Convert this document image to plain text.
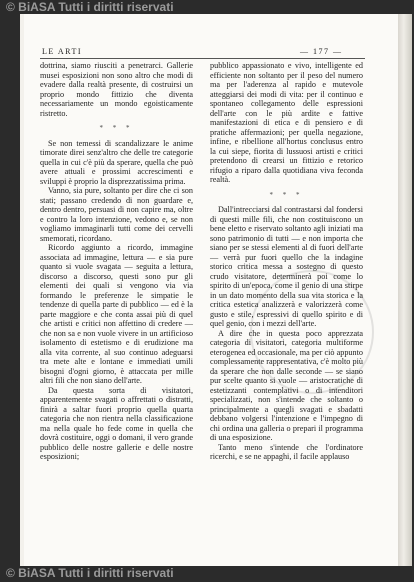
© BiASA Tutti i diritti riservati
LE ARTI	— 177 —

dottrina, siamo riusciti a penetrarci. Gallerie musei esposizioni non sono altro che modi di evadere dalla realtà presente, di costruirsi un proprio mondo fittizio che diventa necessariamente un mondo egoisticamente ristretto.

* * *

Se non temessi di scandalizzare le anime timorate direi senz'altro che delle tre categorie quella in cui c'è più da sperare, quella che può avere attuali e prossimi accrescimenti e sviluppi è proprio la disprezzatissima prima.

Vanno, sia pure, soltanto per dire che ci son stati; passano credendo di non guardare e, dentro dentro, persuasi di non capire ma, oltre e contro la loro intenzione, vedono e, se non vogliamo immaginarli tutti come dei cervelli smemorati, ricordano.

Ricordo aggiunto a ricordo, immagine associata ad immagine, lettura — e sia pure quanto si vuole svagata — seguita a lettura, discorso a discorso, questi sono pur gli elementi dei quali si vengono via via formando le preferenze le simpatie le tendenze di quella parte di pubblico — ed è la parte maggiore e che conta assai più di quel che artisti e critici non affettino di credere — che non sa e non vuole vivere in un artificioso isolamento di estetismo e di erudizione ma alla vita corrente, al suo continuo adeguarsi tra mete alte e lontane e immediati umili bisogni d'ogni giorno, è attaccata per mille altri fili che non siano dell'arte.

Da questa sorta di visitatori, apparentemente svagati o affrettati o distratti, finirà a saltar fuori proprio quella quarta categoria che non rientra nella classificazione ma nella quale ho fede come in quella che dovrà costituire, oggi o domani, il vero grande pubblico delle nostre gallerie e delle nostre esposizioni;

pubblico appassionato e vivo, intelligente ed efficiente non soltanto per il peso del numero ma per l'aderenza al rapido e mutevole atteggiarsi dei modi di vita: per il continuo e spontaneo collegamento delle espressioni dell'arte con le più ardite e fattive manifestazioni di etica e di pensiero e di pratiche affermazioni; per quella negazione, infine, e ribellione all'hortus conclusus entro la cui siepe, fiorita di lussuosi artisti e critici pretendono di crearsi un fittizio e retorico rifugio a riparo dalla quotidiana viva feconda realtà.

* * *

Dall'intrecciarsi dal contrastarsi dal fondersi di questi mille fili, che non costituiscono un bene eletto e riservato soltanto agli iniziati ma sono patrimonio di tutti — e non importa che siano per se stessi elementi al di fuori dell'arte — verrà pur fuori quello che la indagine storico critica messa a sostegno di questo crudo visitatore, determinerà poi come lo spirito di un'epoca, come il genio di una stirpe in un dato momento della sua vita storica e la critica estetica analizzerà e valorizzerà come gusto e stile, espressivi di quello spirito e di quel genio, con i mezzi dell'arte.

A dire che in questa poco apprezzata categoria di visitatori, categoria multiforme eterogenea ed occasionale, ma per ciò appunto complessamente rappresentativa, c'è molto più da sperare che non dalle seconde — se siano pur scelte quanto si vuole — aristocratiche di estetizzanti contemplativi o di intenditori specializzati, non s'intende che soltanto o principalmente a quegli svagati e sbadatti debbano volgersi l'intenzione e l'impegno di chi ordina una galleria o prepari il programma di una esposizione.

Tanto meno s'intende che l'ordinatore ricerchi, e se ne appaghi, il facile applauso

© BiASA Tutti i diritti riservati
